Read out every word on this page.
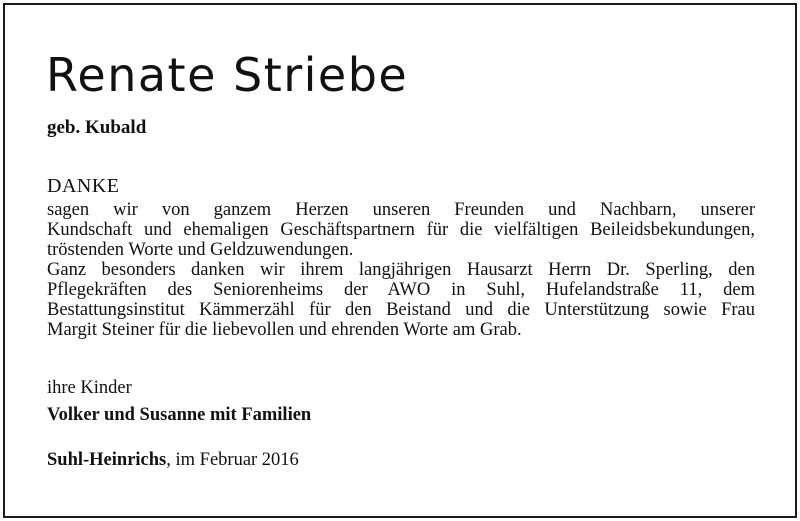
Renate Striebe
geb. Kubald
DANKE
sagen wir von ganzem Herzen unseren Freunden und Nachbarn, unserer
Kundschaft und ehemaligen Geschäftspartnern für die vielfältigen Beileidsbekundungen,
tröstenden Worte und Geldzuwendungen.
Ganz besonders danken wir ihrem langjährigen Hausarzt Herrn Dr. Sperling, den
Pflegekräften des Seniorenheims der AWO in Suhl, Hufelandstraße 11, dem
Bestattungsinstitut Kämmerzähl für den Beistand und die Unterstützung sowie Frau
Margit Steiner für die liebevollen und ehrenden Worte am Grab.
ihre Kinder
Volker und Susanne mit Familien
Suhl-Heinrichs, im Februar 2016
